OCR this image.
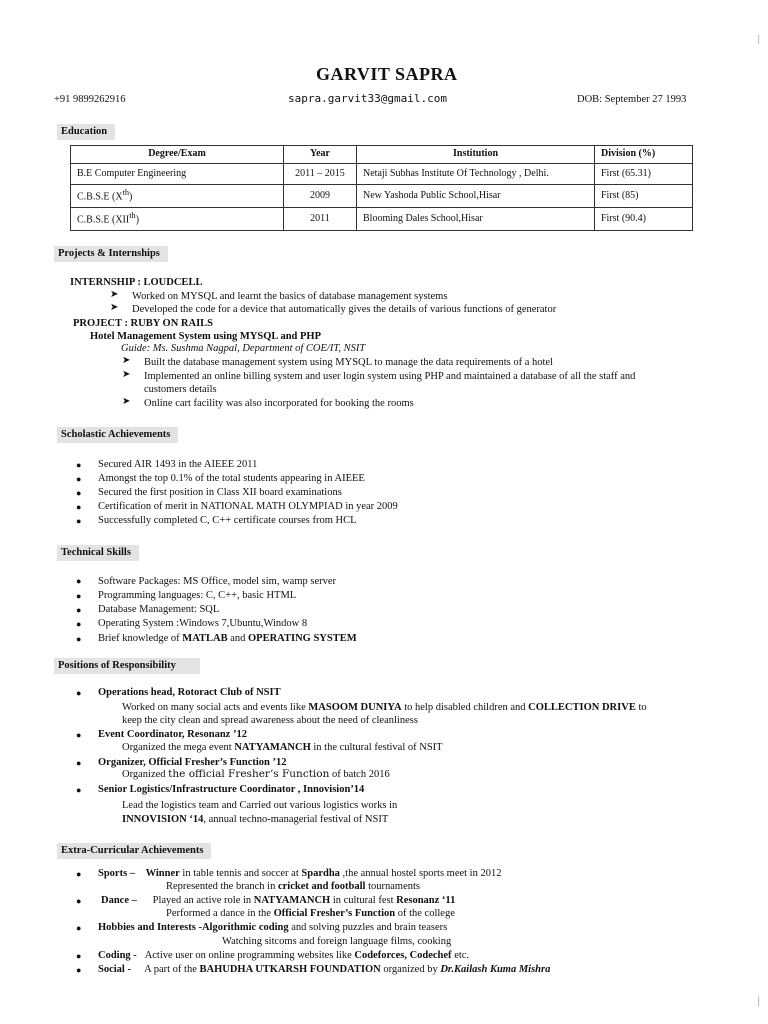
|
|
GARVIT SAPRA
+91 9899262916	sapra.garvit33@gmail.com	DOB: September 27 1993
Education
Degree/Exam	Year	Institution	Division (%)
B.E Computer Engineering	2011 – 2015	Netaji Subhas Institute Of Technology , Delhi.	First (65.31)
C.B.S.E (Xth)	2009	New Yashoda Public School,Hisar	First (85)
C.B.S.E (XIIth)	2011	Blooming Dales School,Hisar	First (90.4)
Projects & Internships
INTERNSHIP : LOUDCELL
➤ Worked on MYSQL and learnt the basics of database management systems
➤ Developed the code for a device that automatically gives the details of various functions of generator
PROJECT : RUBY ON RAILS
Hotel Management System using MYSQL and PHP
Guide: Ms. Sushma Nagpal, Department of COE/IT, NSIT
➤ Built the database management system using MYSQL to manage the data requirements of a hotel
➤ Implemented an online billing system and user login system using PHP and maintained a database of all the staff and
customers details
➤ Online cart facility was also incorporated for booking the rooms
Scholastic Achievements
● Secured AIR 1493 in the AIEEE 2011
● Amongst the top 0.1% of the total students appearing in AIEEE
● Secured the first position in Class XII board examinations
● Certification of merit in NATIONAL MATH OLYMPIAD in year 2009
● Successfully completed C, C++ certificate courses from HCL
Technical Skills
● Software Packages: MS Office, model sim, wamp server
● Programming languages: C, C++, basic HTML
● Database Management: SQL
● Operating System :Windows 7,Ubuntu,Window 8
● Brief knowledge of MATLAB and OPERATING SYSTEM
Positions of Responsibility
● Operations head, Rotoract Club of NSIT
Worked on many social acts and events like MASOOM DUNIYA to help disabled children and COLLECTION DRIVE to
keep the city clean and spread awareness about the need of cleanliness
● Event Coordinator, Resonanz ’12
Organized the mega event NATYAMANCH in the cultural festival of NSIT
● Organizer, Official Fresher’s Function ’12
Organized the official Fresher’s Function of batch 2016
● Senior Logistics/Infrastructure Coordinator , Innovision’14
Lead the logistics team and Carried out various logistics works in
INNOVISION ‘14, annual techno-managerial festival of NSIT
Extra-Curricular Achievements
● Sports – Winner in table tennis and soccer at Spardha ,the annual hostel sports meet in 2012
Represented the branch in cricket and football tournaments
● Dance – Played an active role in NATYAMANCH in cultural fest Resonanz ‘11
Performed a dance in the Official Fresher’s Function of the college
● Hobbies and Interests -Algorithmic coding and solving puzzles and brain teasers
Watching sitcoms and foreign language films, cooking
● Coding - Active user on online programming websites like Codeforces, Codechef etc.
● Social - A part of the BAHUDHA UTKARSH FOUNDATION organized by Dr.Kailash Kuma Mishra
